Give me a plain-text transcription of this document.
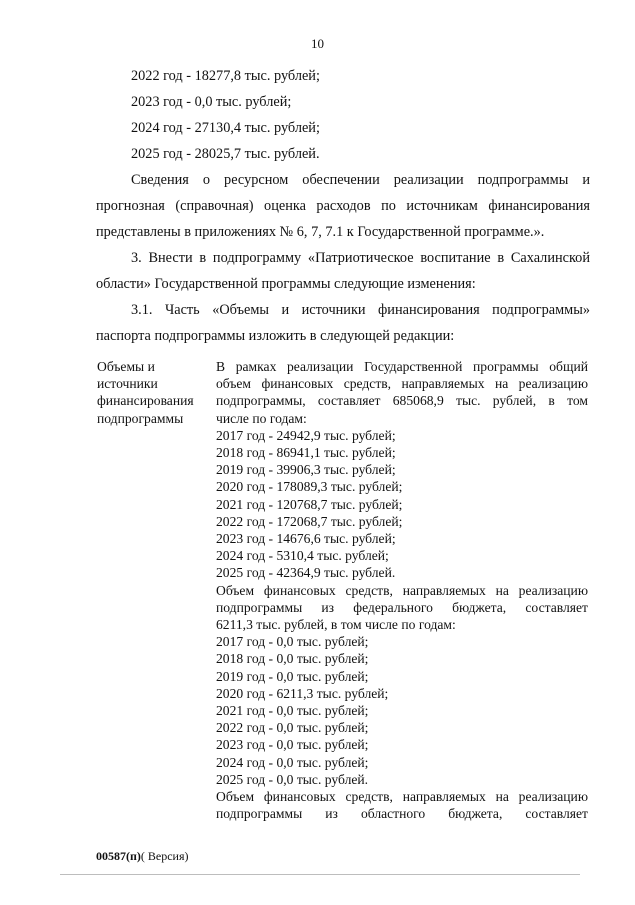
10
2022 год - 18277,8 тыс. рублей;
2023 год - 0,0 тыс. рублей;
2024 год - 27130,4 тыс. рублей;
2025 год - 28025,7 тыс. рублей.
Сведения о ресурсном обеспечении реализации подпрограммы и
прогнозная (справочная) оценка расходов по источникам финансирования
представлены в приложениях № 6, 7, 7.1 к Государственной программе.».
3. Внести в подпрограмму «Патриотическое воспитание в Сахалинской
области» Государственной программы следующие изменения:
3.1. Часть «Объемы и источники финансирования подпрограммы»
паспорта подпрограммы изложить в следующей редакции:
Объемы и
источники
финансирования
подпрограммы
В рамках реализации Государственной программы общий
объем финансовых средств, направляемых на реализацию
подпрограммы, составляет 685068,9 тыс. рублей, в том
числе по годам:
2017 год - 24942,9 тыс. рублей;
2018 год - 86941,1 тыс. рублей;
2019 год - 39906,3 тыс. рублей;
2020 год - 178089,3 тыс. рублей;
2021 год - 120768,7 тыс. рублей;
2022 год - 172068,7 тыс. рублей;
2023 год - 14676,6 тыс. рублей;
2024 год - 5310,4 тыс. рублей;
2025 год - 42364,9 тыс. рублей.
Объем финансовых средств, направляемых на реализацию
подпрограммы из федерального бюджета, составляет
6211,3 тыс. рублей, в том числе по годам:
2017 год - 0,0 тыс. рублей;
2018 год - 0,0 тыс. рублей;
2019 год - 0,0 тыс. рублей;
2020 год - 6211,3 тыс. рублей;
2021 год - 0,0 тыс. рублей;
2022 год - 0,0 тыс. рублей;
2023 год - 0,0 тыс. рублей;
2024 год - 0,0 тыс. рублей;
2025 год - 0,0 тыс. рублей.
Объем финансовых средств, направляемых на реализацию
подпрограммы из областного бюджета, составляет
00587(п)( Версия)
